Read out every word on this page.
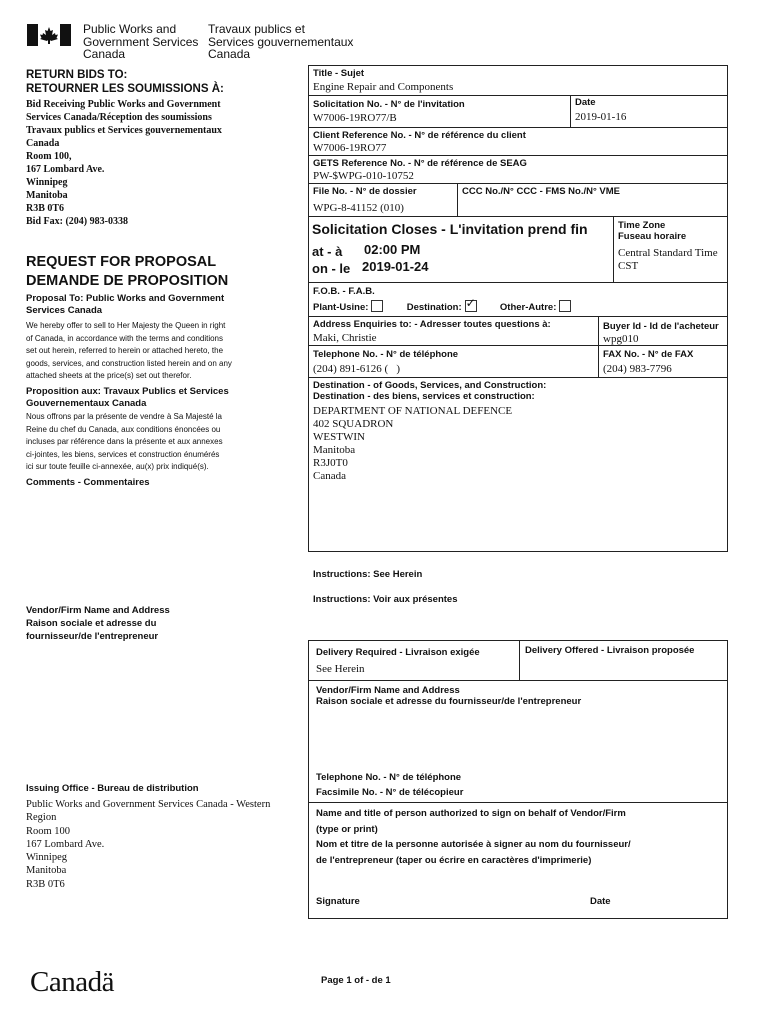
Public Works and
Government Services
Canada
Travaux publics et
Services gouvernementaux
Canada
RETURN BIDS TO:
RETOURNER LES SOUMISSIONS À:
Bid Receiving Public Works and Government
Services Canada/Réception des soumissions
Travaux publics et Services gouvernementaux
Canada
Room 100,
167 Lombard Ave.
Winnipeg
Manitoba
R3B 0T6
Bid Fax: (204) 983-0338
REQUEST FOR PROPOSAL
DEMANDE DE PROPOSITION
Proposal To: Public Works and Government
Services Canada
We hereby offer to sell to Her Majesty the Queen in right
of Canada, in accordance with the terms and conditions
set out herein, referred to herein or attached hereto, the
goods, services, and construction listed herein and on any
attached sheets at the price(s) set out therefor.
Proposition aux: Travaux Publics et Services
Gouvernementaux Canada
Nous offrons par la présente de vendre à Sa Majesté la
Reine du chef du Canada, aux conditions énoncées ou
incluses par référence dans la présente et aux annexes
ci-jointes, les biens, services et construction énumérés
ici sur toute feuille ci-annexée, au(x) prix indiqué(s).
Comments - Commentaires
Vendor/Firm Name and Address
Raison sociale et adresse du
fournisseur/de l'entrepreneur
Issuing Office - Bureau de distribution
Public Works and Government Services Canada - Western
Region
Room 100
167 Lombard Ave.
Winnipeg
Manitoba
R3B 0T6
Title - Sujet
Engine Repair and Components
Solicitation No. - N° de l'invitation
W7006-19RO77/B
Date
2019-01-16
Client Reference No. - N° de référence du client
W7006-19RO77
GETS Reference No. - N° de référence de SEAG
PW-$WPG-010-10752
File No. - N° de dossier
WPG-8-41152 (010)
CCC No./N° CCC - FMS No./N° VME
Solicitation Closes - L'invitation prend fin
at - à 02:00 PM
on - le 2019-01-24
Time Zone
Fuseau horaire
Central Standard Time
CST
F.O.B. - F.A.B.
Plant-Usine:	Destination: ✓	Other-Autre:
Address Enquiries to: - Adresser toutes questions à:
Maki, Christie
Buyer Id - Id de l'acheteur
wpg010
Telephone No. - N° de téléphone
(204) 891-6126 (   )
FAX No. - N° de FAX
(204) 983-7796
Destination - of Goods, Services, and Construction:
Destination - des biens, services et construction:
DEPARTMENT OF NATIONAL DEFENCE
402 SQUADRON
WESTWIN
Manitoba
R3J0T0
Canada
Instructions: See Herein
Instructions: Voir aux présentes
Delivery Required - Livraison exigée
See Herein
Delivery Offered - Livraison proposée
Vendor/Firm Name and Address
Raison sociale et adresse du fournisseur/de l'entrepreneur
Telephone No. - N° de téléphone
Facsimile No. - N° de télécopieur
Name and title of person authorized to sign on behalf of Vendor/Firm
(type or print)
Nom et titre de la personne autorisée à signer au nom du fournisseur/
de l'entrepreneur (taper ou écrire en caractères d'imprimerie)
Signature	Date
Canadä	Page 1 of - de 1
